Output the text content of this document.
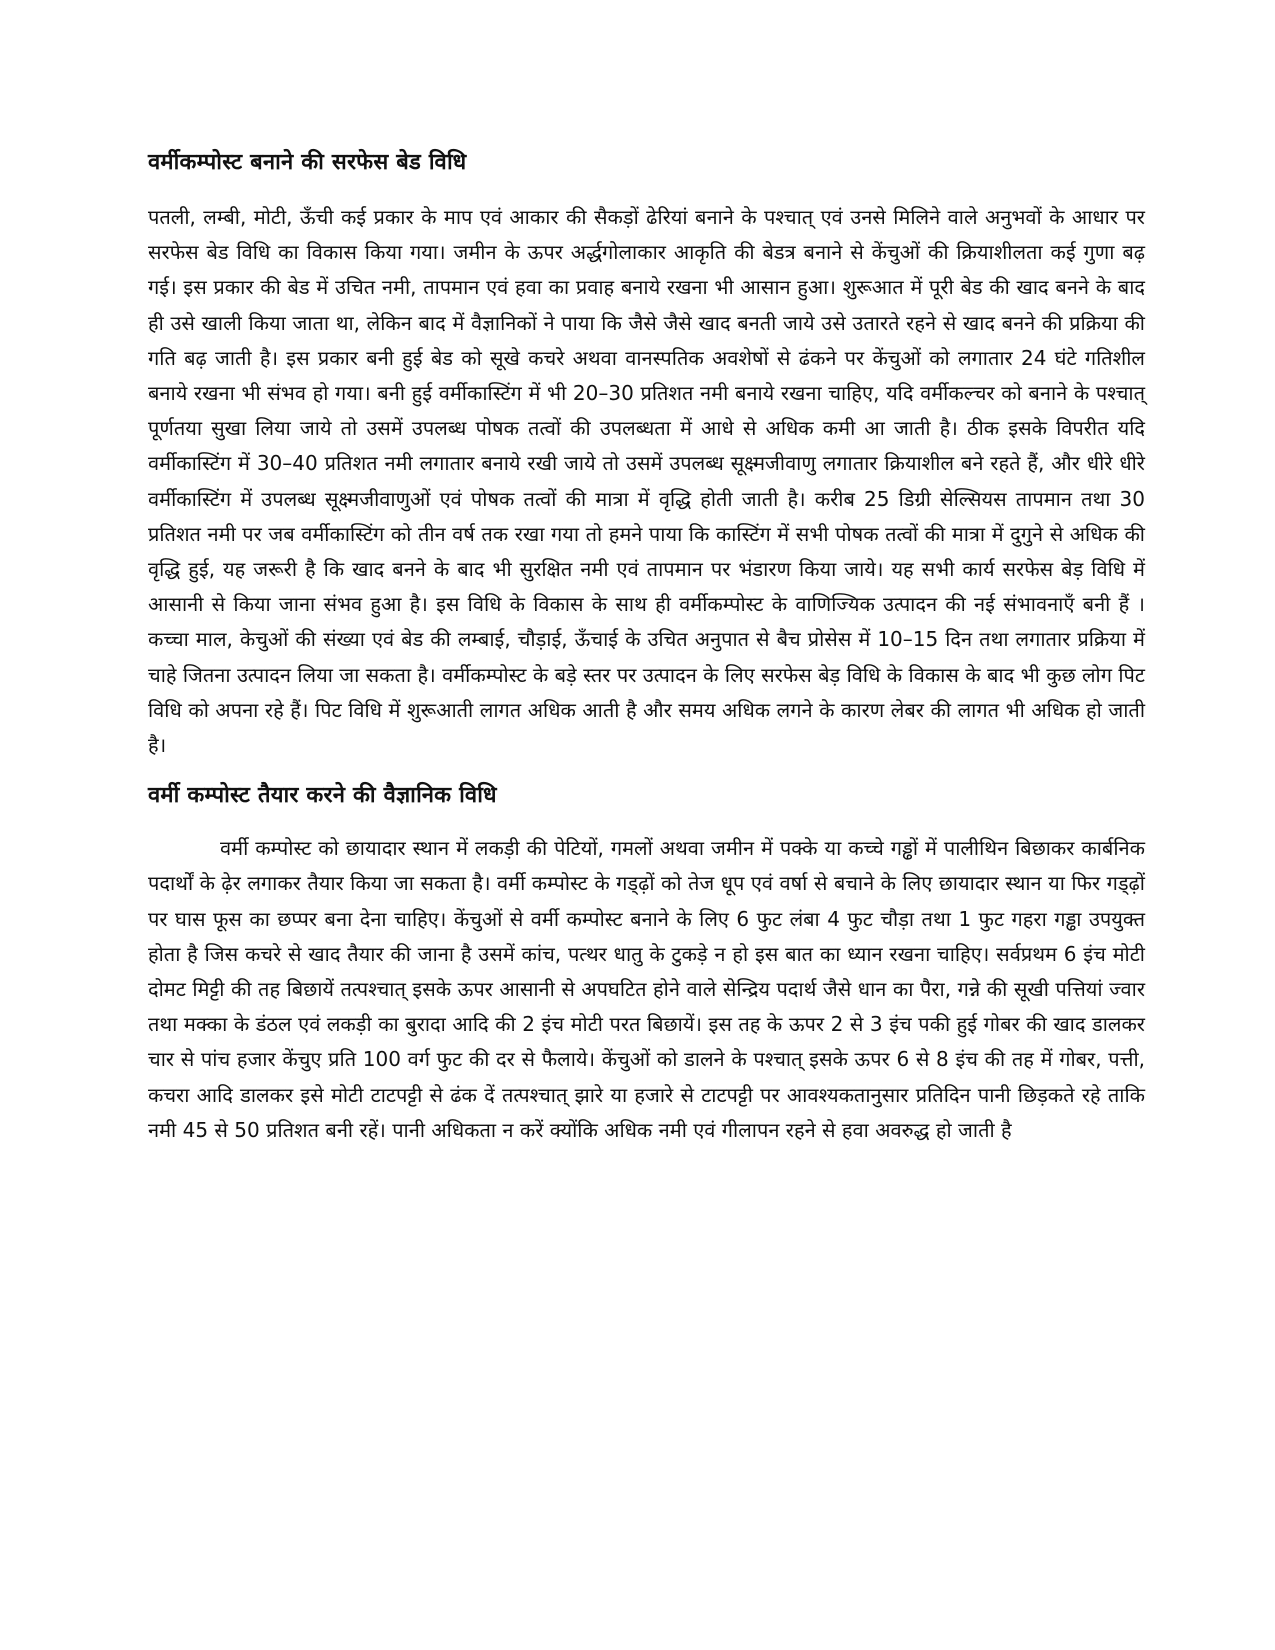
वर्मीकम्पोस्ट बनाने की सरफेस बेड विधि

पतली, लम्बी, मोटी, ऊँची कई प्रकार के माप एवं आकार की सैकड़ों ढेरियां बनाने के पश्चात् एवं उनसे मिलिने वाले अनुभवों के आधार पर सरफेस बेड विधि का विकास किया गया। जमीन के ऊपर अर्द्धगोलाकार आकृति की बेडत्र बनाने से केंचुओं की क्रियाशीलता कई गुणा बढ़ गई। इस प्रकार की बेड में उचित नमी, तापमान एवं हवा का प्रवाह बनाये रखना भी आसान हुआ। शुरूआत में पूरी बेड की खाद बनने के बाद ही उसे खाली किया जाता था, लेकिन बाद में वैज्ञानिकों ने पाया कि जैसे जैसे खाद बनती जाये उसे उतारते रहने से खाद बनने की प्रक्रिया की गति बढ़ जाती है। इस प्रकार बनी हुई बेड को सूखे कचरे अथवा वानस्पतिक अवशेषों से ढंकने पर केंचुओं को लगातार 24 घंटे गतिशील बनाये रखना भी संभव हो गया। बनी हुई वर्मीकास्टिंग में भी 20–30 प्रतिशत नमी बनाये रखना चाहिए, यदि वर्मीकल्चर को बनाने के पश्चात् पूर्णतया सुखा लिया जाये तो उसमें उपलब्ध पोषक तत्वों की उपलब्धता में आधे से अधिक कमी आ जाती है। ठीक इसके विपरीत यदि वर्मीकास्टिंग में 30–40 प्रतिशत नमी लगातार बनाये रखी जाये तो उसमें उपलब्ध सूक्ष्मजीवाणु लगातार क्रियाशील बने रहते हैं, और धीरे धीरे वर्मीकास्टिंग में उपलब्ध सूक्ष्मजीवाणुओं एवं पोषक तत्वों की मात्रा में वृद्धि होती जाती है। करीब 25 डिग्री सेल्सियस तापमान तथा 30 प्रतिशत नमी पर जब वर्मीकास्टिंग को तीन वर्ष तक रखा गया तो हमने पाया कि कास्टिंग में सभी पोषक तत्वों की मात्रा में दुगुने से अधिक की वृद्धि हुई, यह जरूरी है कि खाद बनने के बाद भी सुरक्षित नमी एवं तापमान पर भंडारण किया जाये। यह सभी कार्य सरफेस बेड़ विधि में आसानी से किया जाना संभव हुआ है। इस विधि के विकास के साथ ही वर्मीकम्पोस्ट के वाणिज्यिक उत्पादन की नई संभावनाएँ बनी हैं । कच्चा माल, केचुओं की संख्या एवं बेड की लम्बाई, चौड़ाई, ऊँचाई के उचित अनुपात से बैच प्रोसेस में 10–15 दिन तथा लगातार प्रक्रिया में चाहे जितना उत्पादन लिया जा सकता है। वर्मीकम्पोस्ट के बड़े स्तर पर उत्पादन के लिए सरफेस बेड़ विधि के विकास के बाद भी कुछ लोग पिट विधि को अपना रहे हैं। पिट विधि में शुरूआती लागत अधिक आती है और समय अधिक लगने के कारण लेबर की लागत भी अधिक हो जाती है।

वर्मी कम्पोस्ट तैयार करने की वैज्ञानिक विधि

वर्मी कम्पोस्ट को छायादार स्थान में लकड़ी की पेटियों, गमलों अथवा जमीन में पक्के या कच्चे गड्ढों में पालीथिन बिछाकर कार्बनिक पदार्थों के ढ़ेर लगाकर तैयार किया जा सकता है। वर्मी कम्पोस्ट के गड्ढ़ों को तेज धूप एवं वर्षा से बचाने के लिए छायादार स्थान या फिर गड्ढ़ों पर घास फूस का छप्पर बना देना चाहिए। केंचुओं से वर्मी कम्पोस्ट बनाने के लिए 6 फुट लंबा 4 फुट चौड़ा तथा 1 फुट गहरा गड्ढा उपयुक्त होता है जिस कचरे से खाद तैयार की जाना है उसमें कांच, पत्थर धातु के टुकड़े न हो इस बात का ध्यान रखना चाहिए। सर्वप्रथम 6 इंच मोटी दोमट मिट्टी की तह बिछायें तत्पश्चात् इसके ऊपर आसानी से अपघटित होने वाले सेन्द्रिय पदार्थ जैसे धान का पैरा, गन्ने की सूखी पत्तियां ज्वार तथा मक्का के डंठल एवं लकड़ी का बुरादा आदि की 2 इंच मोटी परत बिछायें। इस तह के ऊपर 2 से 3 इंच पकी हुई गोबर की खाद डालकर चार से पांच हजार केंचुए प्रति 100 वर्ग फुट की दर से फैलाये। केंचुओं को डालने के पश्चात् इसके ऊपर 6 से 8 इंच की तह में गोबर, पत्ती, कचरा आदि डालकर इसे मोटी टाटपट्टी से ढंक दें तत्पश्चात् झारे या हजारे से टाटपट्टी पर आवश्यकतानुसार प्रतिदिन पानी छिड़कते रहे ताकि नमी 45 से 50 प्रतिशत बनी रहें। पानी अधिकता न करें क्योंकि अधिक नमी एवं गीलापन रहने से हवा अवरुद्ध हो जाती है
